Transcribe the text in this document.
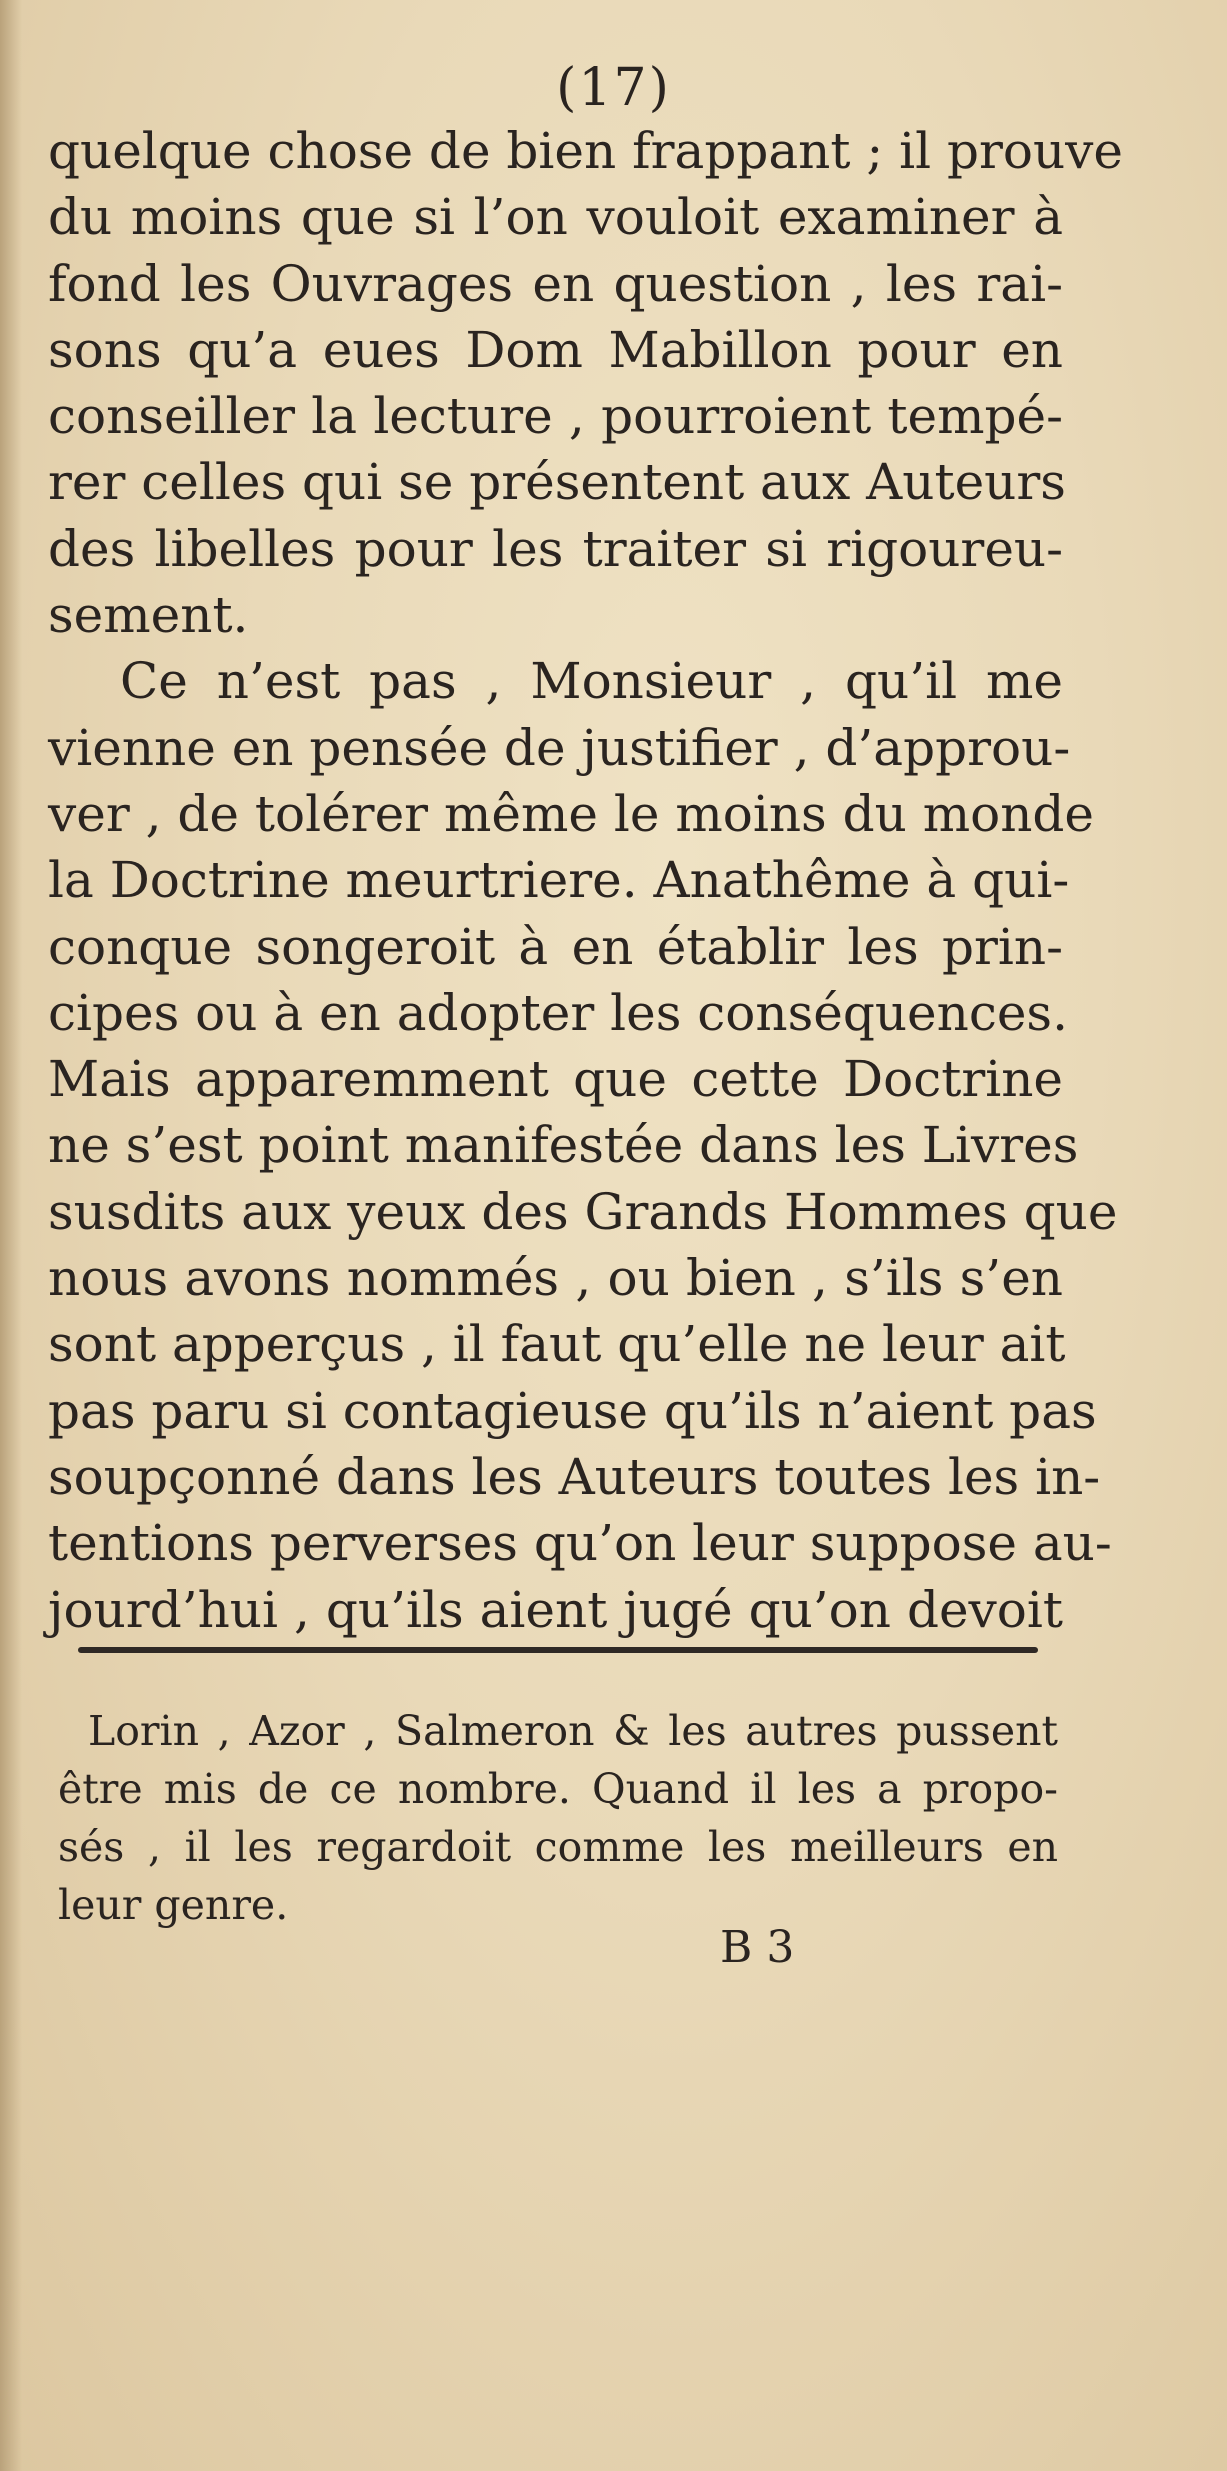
(17)
quelque chose de bien frappant ; il prouve
du moins que si l’on vouloit examiner à
fond les Ouvrages en question , les rai-
sons qu’a eues Dom Mabillon pour en
conseiller la lecture , pourroient tempé-
rer celles qui se présentent aux Auteurs
des libelles pour les traiter si rigoureu-
sement.
Ce n’est pas , Monsieur , qu’il me
vienne en pensée de justifier , d’approu-
ver , de tolérer même le moins du monde
la Doctrine meurtriere. Anathême à qui-
conque songeroit à en établir les prin-
cipes ou à en adopter les conséquences.
Mais apparemment que cette Doctrine
ne s’est point manifestée dans les Livres
susdits aux yeux des Grands Hommes que
nous avons nommés , ou bien , s’ils s’en
sont apperçus , il faut qu’elle ne leur ait
pas paru si contagieuse qu’ils n’aient pas
soupçonné dans les Auteurs toutes les in-
tentions perverses qu’on leur suppose au-
jourd’hui , qu’ils aient jugé qu’on devoit
Lorin , Azor , Salmeron & les autres pussent
être mis de ce nombre. Quand il les a propo-
sés , il les regardoit comme les meilleurs en
leur genre.
B 3
